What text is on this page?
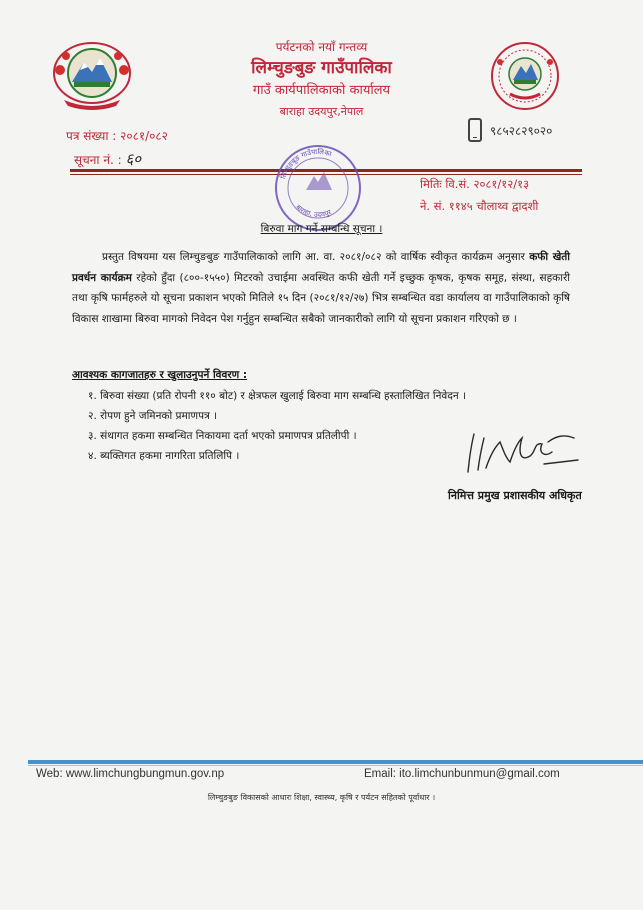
पर्यटनको नयाँ गन्तव्य
लिम्चुङबुङ गाउँपालिका
गाउँ कार्यपालिकाको कार्यालय
बाराहा उदयपुर,नेपाल
पत्र संख्या : २०८१/०८२
सूचना नं. : ६०
९८५२८२९०२०
लिम्चुङबुङ गाउँपालिका
बाराहा, उदयपुर
मितिः वि.सं. २०८१/१२/१३
ने. सं. ११४५ चौलाथ्व द्वादशी
बिरुवा माग गर्ने सम्बन्धि सूचना ।
प्रस्तुत विषयमा यस लिम्चुङबुङ गाउँपालिकाको लागि आ. वा. २०८१/०८२ को वार्षिक स्वीकृत कार्यक्रम अनुसार कफी खेती प्रवर्धन कार्यक्रम रहेको हुँदा (८००-१५५०) मिटरको उचाईमा अवस्थित कफी खेती गर्ने इच्छुक कृषक, कृषक समूह, संस्था, सहकारी तथा कृषि फार्महरुले यो सूचना प्रकाशन भएको मितिले १५ दिन (२०८१/१२/२७) भित्र सम्बन्धित वडा कार्यालय वा गाउँपालिकाको कृषि विकास शाखामा बिरुवा मागको निवेदन पेश गर्नुहुन सम्बन्धित सबैको जानकारीको लागि यो सूचना प्रकाशन गरिएको छ ।
आवश्यक कागजातहरु र खुलाउनुपर्ने विवरण :
१. बिरुवा संख्या (प्रति रोपनी ११० बोट) र क्षेत्रफल खुलाई बिरुवा माग सम्बन्धि हस्तालिखित निवेदन ।
२. रोपण हुने जमिनको प्रमाणपत्र ।
३. संथागत हकमा सम्बन्धित निकायमा दर्ता भएको प्रमाणपत्र प्रतिलीपी ।
४. ब्यक्तिगत हकमा नागरिता प्रतिलिपि ।
निमित्त प्रमुख प्रशासकीय अधिकृत
Web: www.limchungbungmun.gov.np	Email: ito.limchunbunmun@gmail.com
लिम्चुङबुङ विकासको आधारः शिक्षा, स्वास्थ्य, कृषि र पर्यटन सहितको पूर्वाधार ।
